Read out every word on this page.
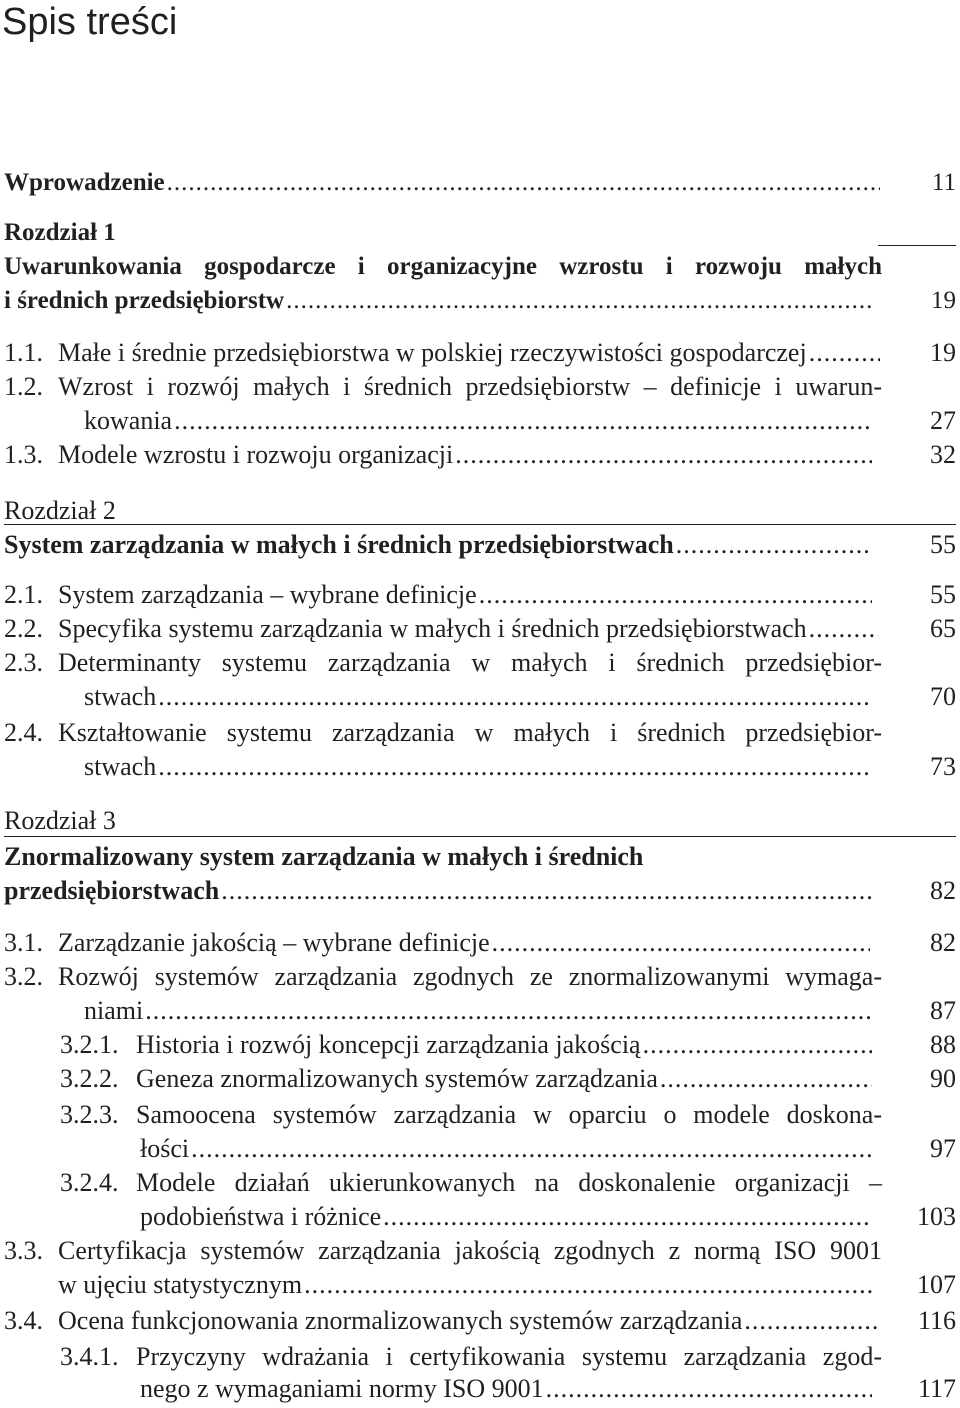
Spis treści
Wprowadzenie	11
.....
Rozdział 1
Uwarunkowania gospodarcze i organizacyjne wzrostu i rozwoju małych
i średnich przedsiębiorstw	19
.....
1.1. Małe i średnie przedsiębiorstwa w polskiej rzeczywistości gospodarczej	19
.....
1.2. Wzrost i rozwój małych i średnich przedsiębiorstw – definicje i uwarun-
kowania	27
.....
1.3. Modele wzrostu i rozwoju organizacji	32
.....
Rozdział 2
System zarządzania w małych i średnich przedsiębiorstwach	55
.....
2.1. System zarządzania – wybrane definicje	55
.....
2.2. Specyfika systemu zarządzania w małych i średnich przedsiębiorstwach	65
.....
2.3. Determinanty systemu zarządzania w małych i średnich przedsiębior-
stwach	70
.....
2.4. Kształtowanie systemu zarządzania w małych i średnich przedsiębior-
stwach	73
.....
Rozdział 3
Znormalizowany system zarządzania w małych i średnich
przedsiębiorstwach	82
.....
3.1. Zarządzanie jakością – wybrane definicje	82
.....
3.2. Rozwój systemów zarządzania zgodnych ze znormalizowanymi wymaga-
niami	87
.....
3.2.1. Historia i rozwój koncepcji zarządzania jakością	88
.....
3.2.2. Geneza znormalizowanych systemów zarządzania	90
.....
3.2.3. Samoocena systemów zarządzania w oparciu o modele doskona-
łości	97
.....
3.2.4. Modele działań ukierunkowanych na doskonalenie organizacji –
podobieństwa i różnice	103
.....
3.3. Certyfikacja systemów zarządzania jakością zgodnych z normą ISO 9001
w ujęciu statystycznym	107
.....
3.4. Ocena funkcjonowania znormalizowanych systemów zarządzania	116
.....
3.4.1. Przyczyny wdrażania i certyfikowania systemu zarządzania zgod-
nego z wymaganiami normy ISO 9001	117
.....
